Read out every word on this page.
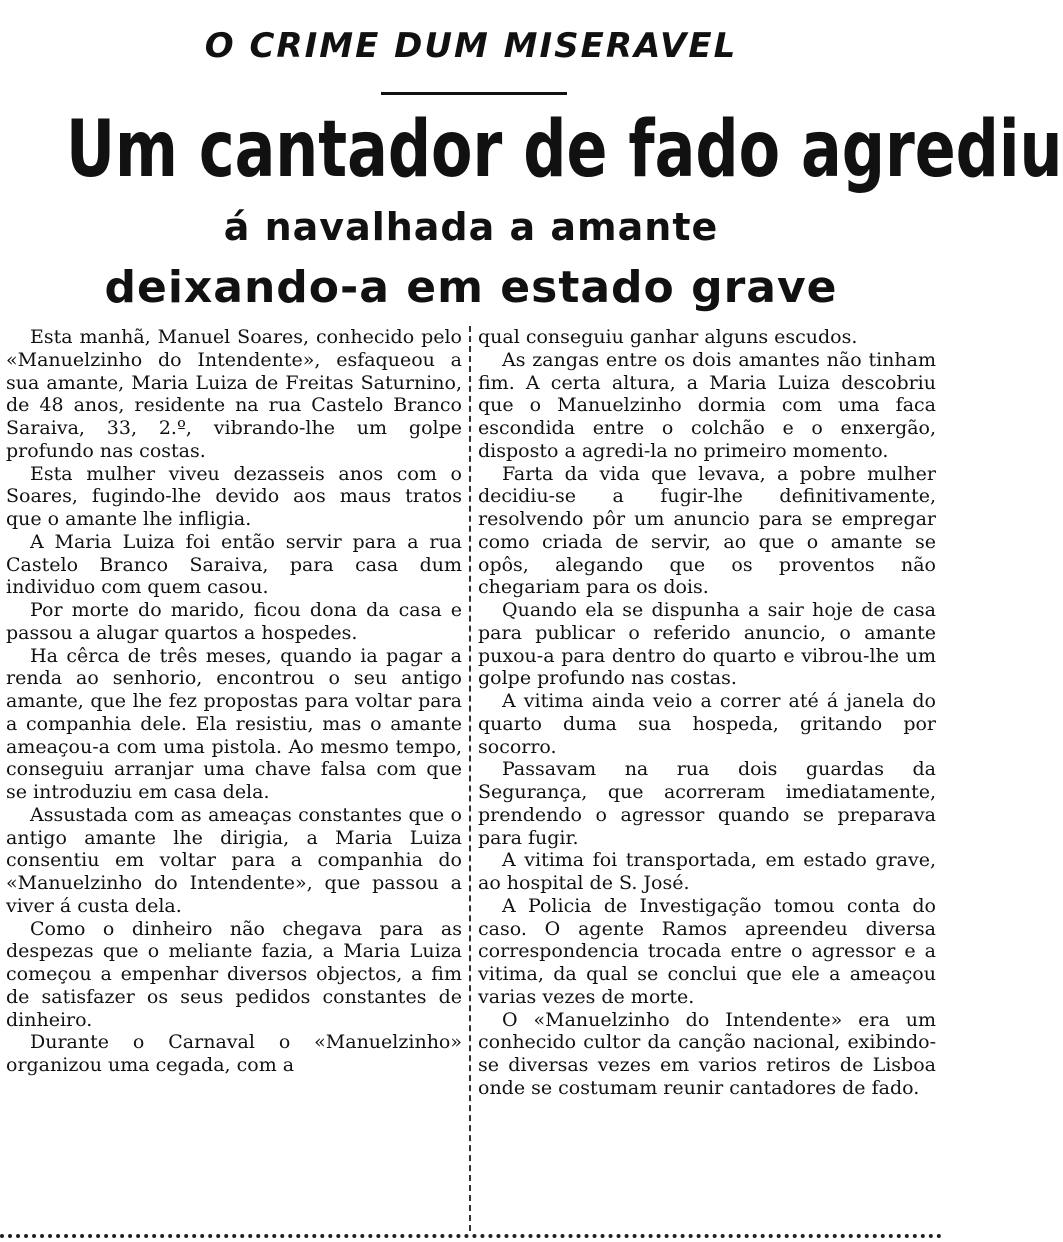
O CRIME DUM MISERAVEL
Um cantador de fado agrediu
á navalhada a amante
deixando-a em estado grave

Esta manhã, Manuel Soares, conhecido pelo «Manuelzinho do Intendente», esfaqueou a sua amante, Maria Luiza de Freitas Saturnino, de 48 anos, residente na rua Castelo Branco Saraiva, 33, 2.º, vibrando-lhe um golpe profundo nas costas.

Esta mulher viveu dezasseis anos com o Soares, fugindo-lhe devido aos maus tratos que o amante lhe infligia.

A Maria Luiza foi então servir para a rua Castelo Branco Saraiva, para casa dum individuo com quem casou.

Por morte do marido, ficou dona da casa e passou a alugar quartos a hospedes.

Ha cêrca de três meses, quando ia pagar a renda ao senhorio, encontrou o seu antigo amante, que lhe fez propostas para voltar para a companhia dele. Ela resistiu, mas o amante ameaçou-a com uma pistola. Ao mesmo tempo, conseguiu arranjar uma chave falsa com que se introduziu em casa dela.

Assustada com as ameaças constantes que o antigo amante lhe dirigia, a Maria Luiza consentiu em voltar para a companhia do «Manuelzinho do Intendente», que passou a viver á custa dela.

Como o dinheiro não chegava para as despezas que o meliante fazia, a Maria Luiza começou a empenhar diversos objectos, a fim de satisfazer os seus pedidos constantes de dinheiro.

Durante o Carnaval o «Manuelzinho» organizou uma cegada, com a

qual conseguiu ganhar alguns escudos.

As zangas entre os dois amantes não tinham fim. A certa altura, a Maria Luiza descobriu que o Manuelzinho dormia com uma faca escondida entre o colchão e o enxergão, disposto a agredi-la no primeiro momento.

Farta da vida que levava, a pobre mulher decidiu-se a fugir-lhe definitivamente, resolvendo pôr um anuncio para se empregar como criada de servir, ao que o amante se opôs, alegando que os proventos não chegariam para os dois.

Quando ela se dispunha a sair hoje de casa para publicar o referido anuncio, o amante puxou-a para dentro do quarto e vibrou-lhe um golpe profundo nas costas.

A vitima ainda veio a correr até á janela do quarto duma sua hospeda, gritando por socorro.

Passavam na rua dois guardas da Segurança, que acorreram imediatamente, prendendo o agressor quando se preparava para fugir.

A vitima foi transportada, em estado grave, ao hospital de S. José.

A Policia de Investigação tomou conta do caso. O agente Ramos apreendeu diversa correspondencia trocada entre o agressor e a vitima, da qual se conclui que ele a ameaçou varias vezes de morte.

O «Manuelzinho do Intendente» era um conhecido cultor da canção nacional, exibindo-se diversas vezes em varios retiros de Lisboa onde se costumam reunir cantadores de fado.
